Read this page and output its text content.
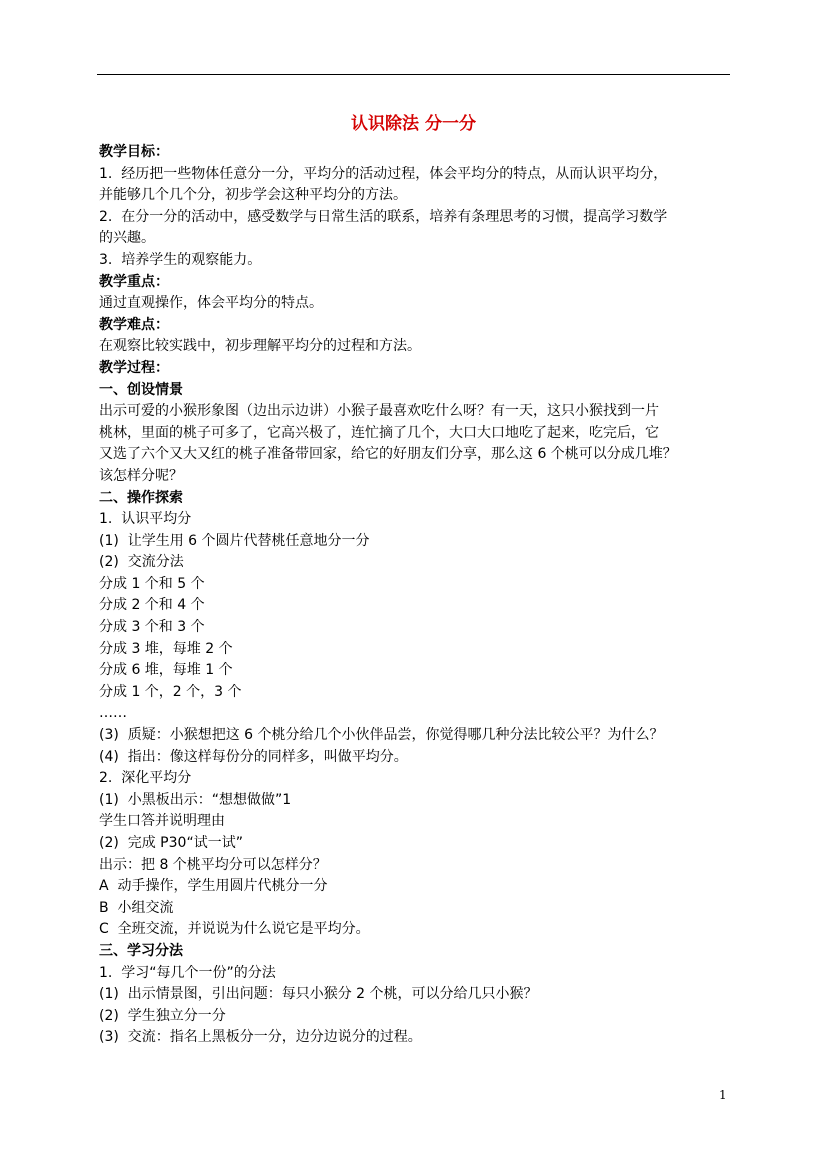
认识除法 分一分

教学目标：

1.  经历把一些物体任意分一分，平均分的活动过程，体会平均分的特点，从而认识平均分，

并能够几个几个分，初步学会这种平均分的方法。

2.  在分一分的活动中，感受数学与日常生活的联系，培养有条理思考的习惯，提高学习数学

的兴趣。

3.  培养学生的观察能力。

教学重点：

通过直观操作，体会平均分的特点。

教学难点：

在观察比较实践中，初步理解平均分的过程和方法。

教学过程：

一、创设情景

出示可爱的小猴形象图（边出示边讲）小猴子最喜欢吃什么呀？有一天，这只小猴找到一片

桃林，里面的桃子可多了，它高兴极了，连忙摘了几个，大口大口地吃了起来，吃完后，它

又选了六个又大又红的桃子准备带回家，给它的好朋友们分享，那么这 6 个桃可以分成几堆？

该怎样分呢？

二、操作探索

1.  认识平均分

(1)  让学生用 6 个圆片代替桃任意地分一分

(2)  交流分法

分成 1 个和 5 个

分成 2 个和 4 个

分成 3 个和 3 个

分成 3 堆，每堆 2 个

分成 6 堆，每堆 1 个

分成 1 个，2 个，3 个

……

(3)  质疑：小猴想把这 6 个桃分给几个小伙伴品尝，你觉得哪几种分法比较公平？为什么？

(4)  指出：像这样每份分的同样多，叫做平均分。

2.  深化平均分

(1)  小黑板出示：“想想做做”1

学生口答并说明理由

(2)  完成 P30“试一试”

出示：把 8 个桃平均分可以怎样分？

A  动手操作，学生用圆片代桃分一分

B  小组交流

C  全班交流，并说说为什么说它是平均分。

三、学习分法

1.  学习“每几个一份”的分法

(1)  出示情景图，引出问题：每只小猴分 2 个桃，可以分给几只小猴？

(2)  学生独立分一分

(3)  交流：指名上黑板分一分，边分边说分的过程。

1
